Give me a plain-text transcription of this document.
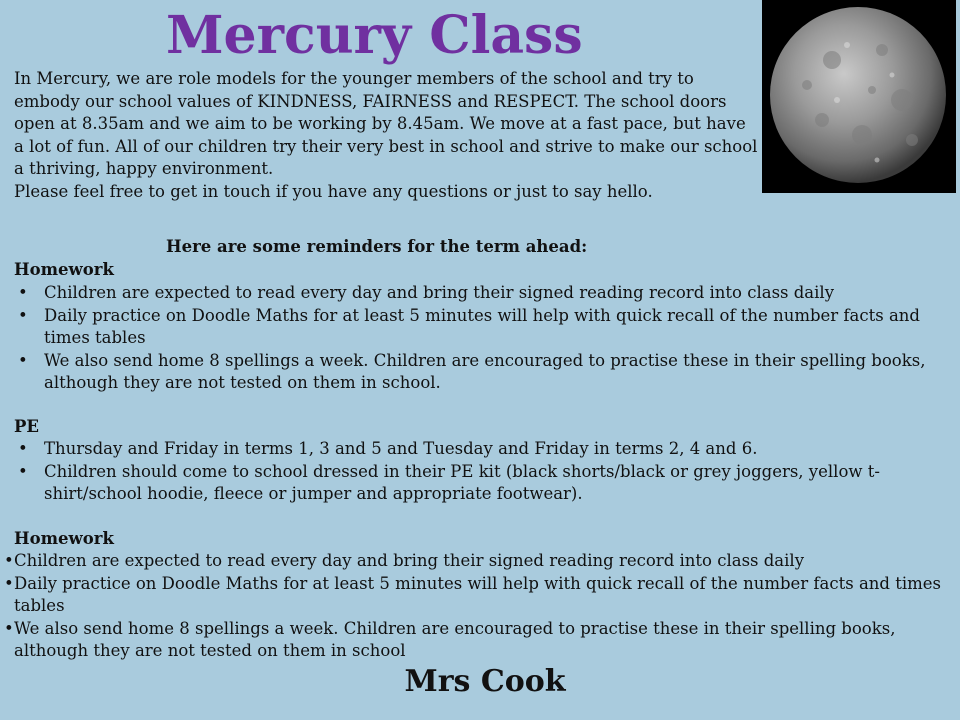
Mercury Class

In Mercury, we are role models for the younger members of the school and try to embody our school values of KINDNESS, FAIRNESS and RESPECT. The school doors open at 8.35am and we aim to be working by 8.45am. We move at a fast pace, but have a lot of fun. All of our children try their very best in school and strive to make our school a thriving, happy environment.

Please feel free to get in touch if you have any questions or just to say hello.

Here are some reminders for the term ahead:
Homework
• Children are expected to read every day and bring their signed reading record into class daily
• Daily practice on Doodle Maths for at least 5 minutes will help with quick recall of the number facts and times tables
• We also send home 8 spellings a week. Children are encouraged to practise these in their spelling books, although they are not tested on them in school.
PE
• Thursday and Friday in terms 1, 3 and 5 and Tuesday and Friday in terms 2, 4 and 6.
• Children should come to school dressed in their PE kit (black shorts/black or grey joggers, yellow t-shirt/school hoodie, fleece or jumper and appropriate footwear).
Homework
• Children are expected to read every day and bring their signed reading record into class daily
• Daily practice on Doodle Maths for at least 5 minutes will help with quick recall of the number facts and times tables
• We also send home 8 spellings a week. Children are encouraged to practise these in their spelling books, although they are not tested on them in school
Mrs Cook
